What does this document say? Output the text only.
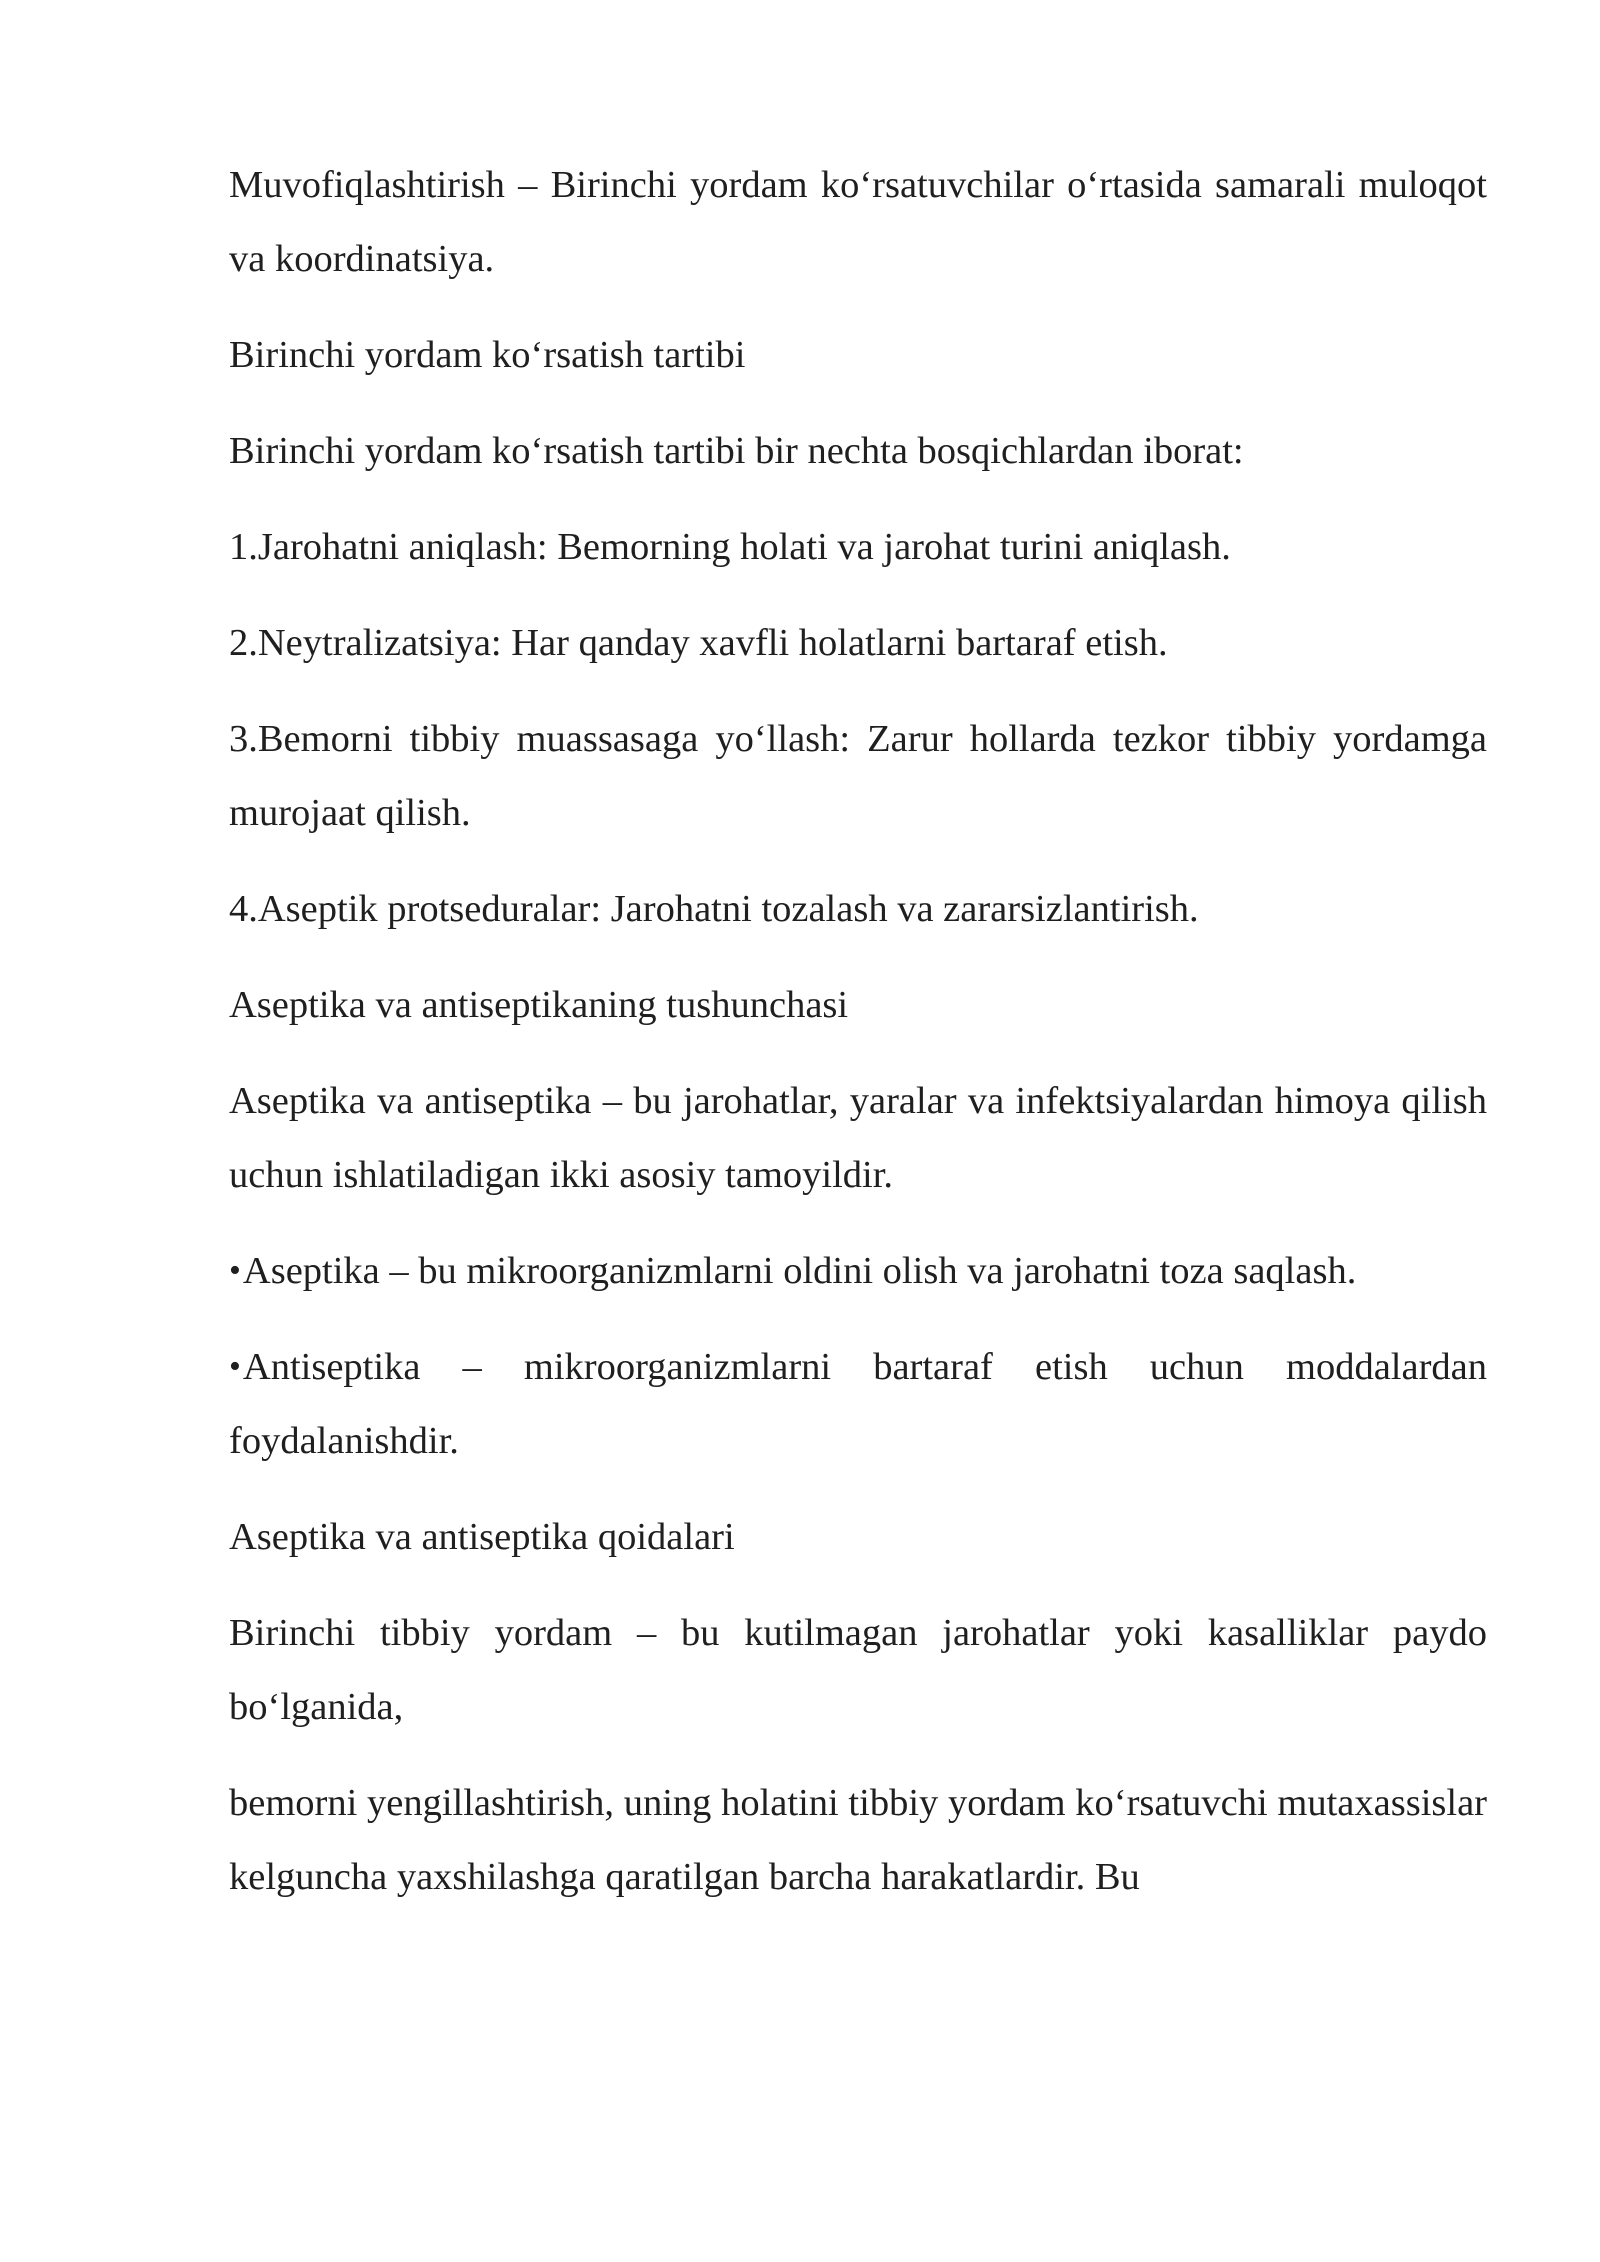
Muvofiqlashtirish – Birinchi yordam ko‘rsatuvchilar o‘rtasida samarali muloqot va koordinatsiya.

Birinchi yordam ko‘rsatish tartibi

Birinchi yordam ko‘rsatish tartibi bir nechta bosqichlardan iborat:

1.Jarohatni aniqlash: Bemorning holati va jarohat turini aniqlash.

2.Neytralizatsiya: Har qanday xavfli holatlarni bartaraf etish.

3.Bemorni tibbiy muassasaga yo‘llash: Zarur hollarda tezkor tibbiy yordamga murojaat qilish.

4.Aseptik protseduralar: Jarohatni tozalash va zararsizlantirish.

Aseptika va antiseptikaning tushunchasi

Aseptika va antiseptika – bu jarohatlar, yaralar va infektsiyalardan himoya qilish uchun ishlatiladigan ikki asosiy tamoyildir.

•Aseptika – bu mikroorganizmlarni oldini olish va jarohatni toza saqlash.

•Antiseptika – mikroorganizmlarni bartaraf etish uchun moddalardan foydalanishdir.

Aseptika va antiseptika qoidalari

Birinchi tibbiy yordam – bu kutilmagan jarohatlar yoki kasalliklar paydo bo‘lganida,

bemorni yengillashtirish, uning holatini tibbiy yordam ko‘rsatuvchi mutaxassislar kelguncha yaxshilashga qaratilgan barcha harakatlardir. Bu
